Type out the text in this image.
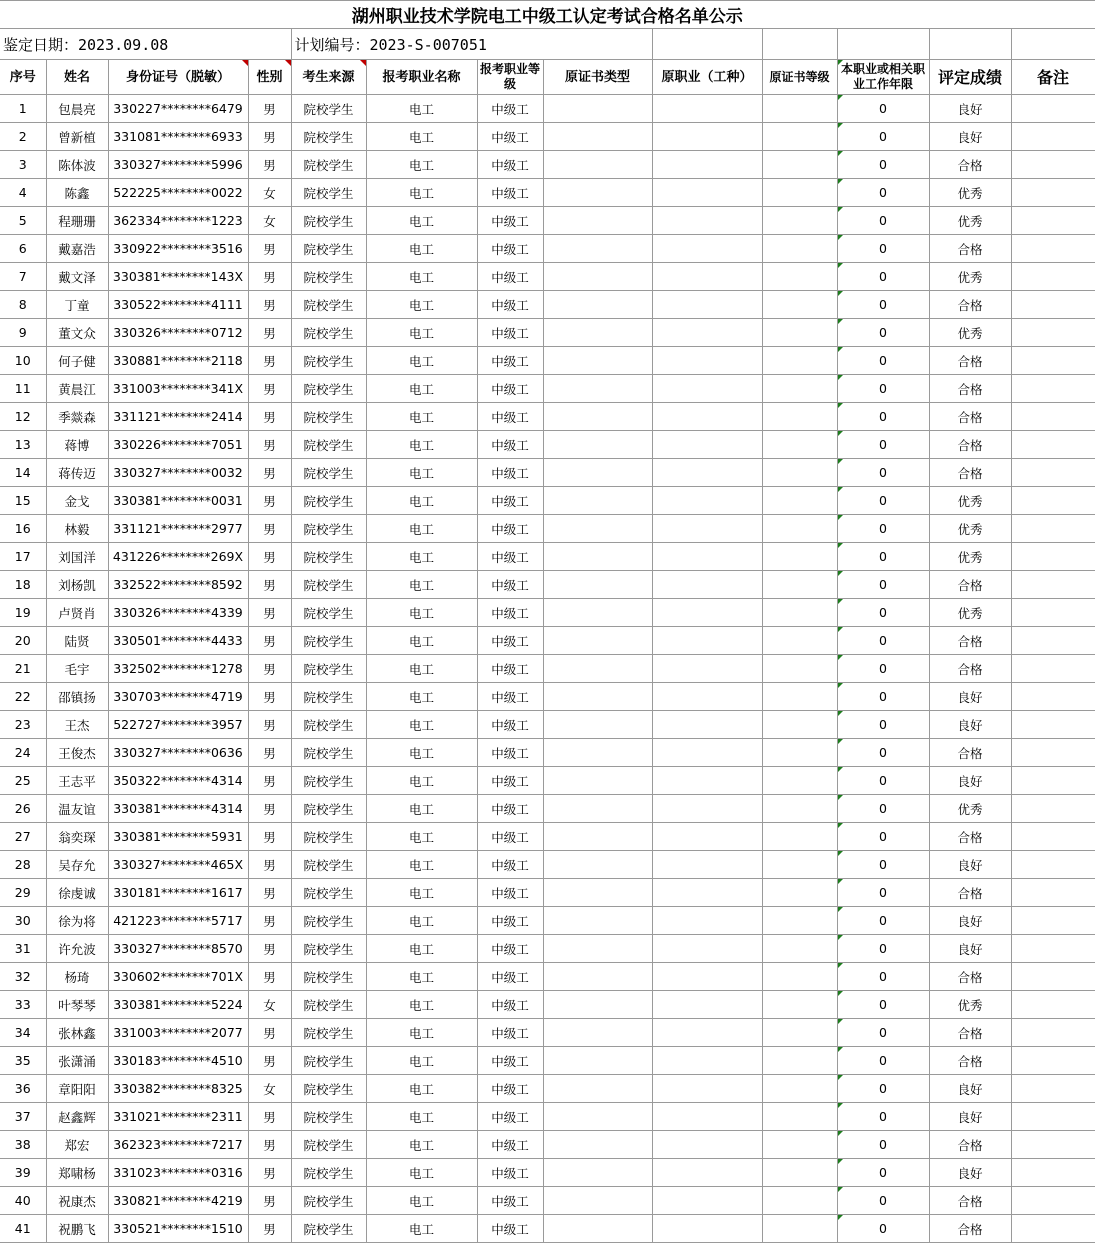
湖州职业技术学院电工中级工认定考试合格名单公示												
鉴定日期：2023.09.08				计划编号：2023-S-007051								
序号	姓名	身份证号（脱敏）	性别	考生来源	报考职业名称	报考职业等级	原证书类型	原职业（工种）	原证书等级	本职业或相关职业工作年限	评定成绩	备注
1	包晨亮	330227********6479	男	院校学生	电工	中级工				0	良好	
2	曾新植	331081********6933	男	院校学生	电工	中级工				0	良好	
3	陈体波	330327********5996	男	院校学生	电工	中级工				0	合格	
4	陈鑫	522225********0022	女	院校学生	电工	中级工				0	优秀	
5	程珊珊	362334********1223	女	院校学生	电工	中级工				0	优秀	
6	戴嘉浩	330922********3516	男	院校学生	电工	中级工				0	合格	
7	戴文泽	330381********143X	男	院校学生	电工	中级工				0	优秀	
8	丁童	330522********4111	男	院校学生	电工	中级工				0	合格	
9	董文众	330326********0712	男	院校学生	电工	中级工				0	优秀	
10	何子健	330881********2118	男	院校学生	电工	中级工				0	合格	
11	黄晨江	331003********341X	男	院校学生	电工	中级工				0	合格	
12	季燚森	331121********2414	男	院校学生	电工	中级工				0	合格	
13	蒋博	330226********7051	男	院校学生	电工	中级工				0	合格	
14	蒋传迈	330327********0032	男	院校学生	电工	中级工				0	合格	
15	金戈	330381********0031	男	院校学生	电工	中级工				0	优秀	
16	林毅	331121********2977	男	院校学生	电工	中级工				0	优秀	
17	刘国洋	431226********269X	男	院校学生	电工	中级工				0	优秀	
18	刘杨凯	332522********8592	男	院校学生	电工	中级工				0	合格	
19	卢贤肖	330326********4339	男	院校学生	电工	中级工				0	优秀	
20	陆贤	330501********4433	男	院校学生	电工	中级工				0	合格	
21	毛宇	332502********1278	男	院校学生	电工	中级工				0	合格	
22	邵镇扬	330703********4719	男	院校学生	电工	中级工				0	良好	
23	王杰	522727********3957	男	院校学生	电工	中级工				0	良好	
24	王俊杰	330327********0636	男	院校学生	电工	中级工				0	合格	
25	王志平	350322********4314	男	院校学生	电工	中级工				0	良好	
26	温友谊	330381********4314	男	院校学生	电工	中级工				0	优秀	
27	翁奕琛	330381********5931	男	院校学生	电工	中级工				0	合格	
28	吴存允	330327********465X	男	院校学生	电工	中级工				0	良好	
29	徐虔诚	330181********1617	男	院校学生	电工	中级工				0	合格	
30	徐为将	421223********5717	男	院校学生	电工	中级工				0	良好	
31	许允波	330327********8570	男	院校学生	电工	中级工				0	良好	
32	杨琦	330602********701X	男	院校学生	电工	中级工				0	合格	
33	叶琴琴	330381********5224	女	院校学生	电工	中级工				0	优秀	
34	张林鑫	331003********2077	男	院校学生	电工	中级工				0	合格	
35	张潇涌	330183********4510	男	院校学生	电工	中级工				0	合格	
36	章阳阳	330382********8325	女	院校学生	电工	中级工				0	良好	
37	赵鑫辉	331021********2311	男	院校学生	电工	中级工				0	良好	
38	郑宏	362323********7217	男	院校学生	电工	中级工				0	合格	
39	郑啸杨	331023********0316	男	院校学生	电工	中级工				0	良好	
40	祝康杰	330821********4219	男	院校学生	电工	中级工				0	合格	
41	祝鹏飞	330521********1510	男	院校学生	电工	中级工				0	合格	
